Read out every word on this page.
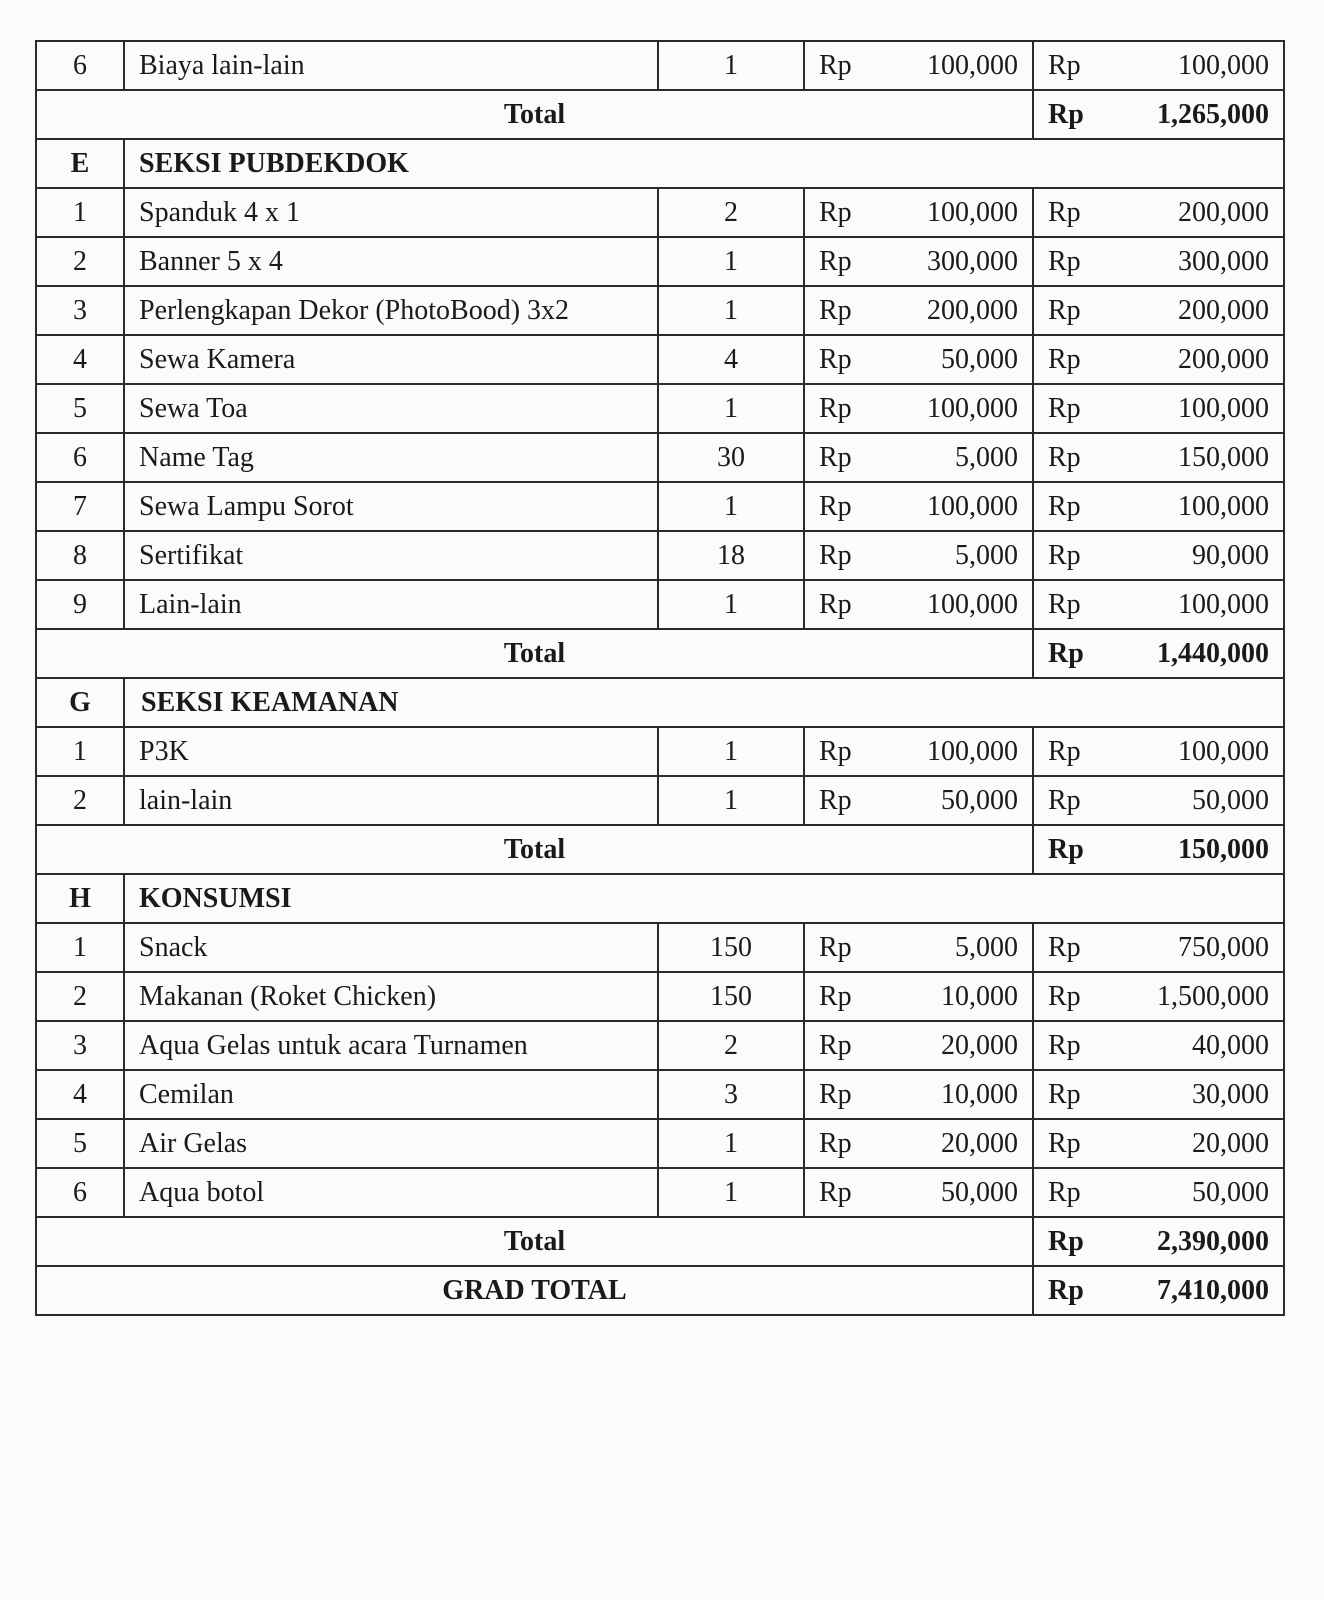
6	Biaya lain-lain	1	Rp	100,000	Rp	100,000
Total					Rp	1,265,000
E	SEKSI PUBDEKDOK					
1	Spanduk 4 x 1	2	Rp	100,000	Rp	200,000
2	Banner 5 x 4	1	Rp	300,000	Rp	300,000
3	Perlengkapan Dekor (PhotoBood) 3x2	1	Rp	200,000	Rp	200,000
4	Sewa Kamera	4	Rp	50,000	Rp	200,000
5	Sewa Toa	1	Rp	100,000	Rp	100,000
6	Name Tag	30	Rp	5,000	Rp	150,000
7	Sewa Lampu Sorot	1	Rp	100,000	Rp	100,000
8	Sertifikat	18	Rp	5,000	Rp	90,000
9	Lain-lain	1	Rp	100,000	Rp	100,000
Total					Rp	1,440,000
G	SEKSI KEAMANAN					
1	P3K	1	Rp	100,000	Rp	100,000
2	lain-lain	1	Rp	50,000	Rp	50,000
Total					Rp	150,000
H	KONSUMSI					
1	Snack	150	Rp	5,000	Rp	750,000
2	Makanan (Roket Chicken)	150	Rp	10,000	Rp	1,500,000
3	Aqua Gelas untuk acara Turnamen	2	Rp	20,000	Rp	40,000
4	Cemilan	3	Rp	10,000	Rp	30,000
5	Air Gelas	1	Rp	20,000	Rp	20,000
6	Aqua botol	1	Rp	50,000	Rp	50,000
Total					Rp	2,390,000
GRAD TOTAL					Rp	7,410,000
